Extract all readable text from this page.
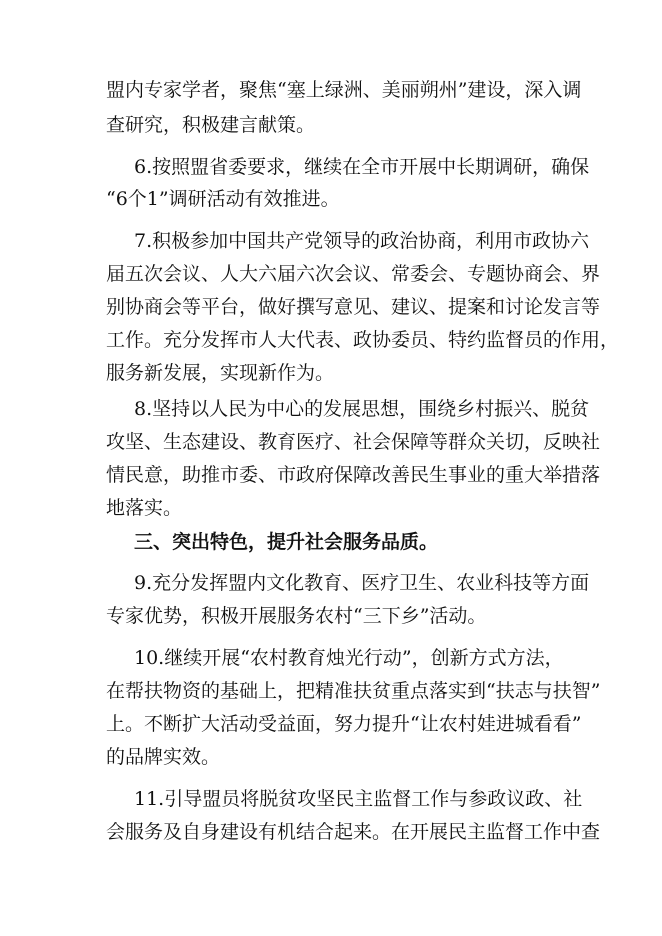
盟内专家学者，聚焦“塞上绿洲、美丽朔州”建设，深入调
查研究，积极建言献策。
6.按照盟省委要求，继续在全市开展中长期调研，确保
“6个1”调研活动有效推进。
7.积极参加中国共产党领导的政治协商，利用市政协六
届五次会议、人大六届六次会议、常委会、专题协商会、界
别协商会等平台，做好撰写意见、建议、提案和讨论发言等
工作。充分发挥市人大代表、政协委员、特约监督员的作用，
服务新发展，实现新作为。
8.坚持以人民为中心的发展思想，围绕乡村振兴、脱贫
攻坚、生态建设、教育医疗、社会保障等群众关切，反映社
情民意，助推市委、市政府保障改善民生事业的重大举措落
地落实。
三、突出特色，提升社会服务品质。
9.充分发挥盟内文化教育、医疗卫生、农业科技等方面
专家优势，积极开展服务农村“三下乡”活动。
10.继续开展“农村教育烛光行动”，创新方式方法，
在帮扶物资的基础上，把精准扶贫重点落实到“扶志与扶智”
上。不断扩大活动受益面，努力提升“让农村娃进城看看”
的品牌实效。
11.引导盟员将脱贫攻坚民主监督工作与参政议政、社
会服务及自身建设有机结合起来。在开展民主监督工作中查
